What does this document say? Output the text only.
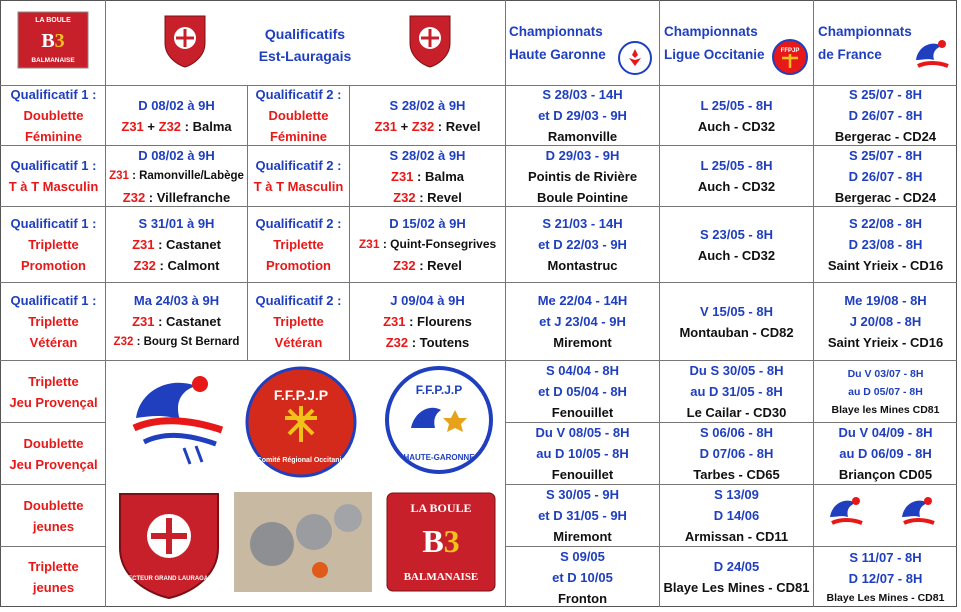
LA BOULE
B3
BALMANAISE
Qualificatifs
Est-Lauragais
Championnats
Haute Garonne
Championnats
Ligue Occitanie	FFPJP
Championnats
de France
Qualificatif 1 :
Doublette
Féminine
D 08/02 à 9H
Z31 + Z32 : Balma
Qualificatif 2 :
Doublette
Féminine
S 28/02 à 9H
Z31 + Z32 : Revel
S 28/03 - 14H
et D 29/03 - 9H
Ramonville
L 25/05 - 8H
Auch - CD32
S 25/07 - 8H
D 26/07 - 8H
Bergerac - CD24
Qualificatif 1 :
T à T Masculin
D 08/02 à 9H
Z31 : Ramonville/Labège
Z32 : Villefranche
Qualificatif 2 :
T à T Masculin
S 28/02 à 9H
Z31 : Balma
Z32 : Revel
D 29/03 - 9H
Pointis de Rivière
Boule Pointine
L 25/05 - 8H
Auch - CD32
S 25/07 - 8H
D 26/07 - 8H
Bergerac - CD24
Qualificatif 1 :
Triplette
Promotion
S 31/01 à 9H
Z31 : Castanet
Z32 : Calmont
Qualificatif 2 :
Triplette
Promotion
D 15/02 à 9H
Z31 : Quint-Fonsegrives
Z32 : Revel
S 21/03 - 14H
et D 22/03 - 9H
Montastruc
S 23/05 - 8H
Auch - CD32
S 22/08 - 8H
D 23/08 - 8H
Saint Yrieix - CD16
Qualificatif 1 :
Triplette
Vétéran
Ma 24/03 à 9H
Z31 : Castanet
Z32 : Bourg St Bernard
Qualificatif 2 :
Triplette
Vétéran
J 09/04 à 9H
Z31 : Flourens
Z32 : Toutens
Me 22/04 - 14H
et J 23/04 - 9H
Miremont
V 15/05 - 8H
Montauban - CD82
Me 19/08 - 8H
J 20/08 - 8H
Saint Yrieix - CD16
Triplette
Jeu Provençal
Doublette
Jeu Provençal
Doublette
jeunes
Triplette
jeunes
S 04/04 - 8H
et D 05/04 - 8H
Fenouillet
Du S 30/05 - 8H
au D 31/05 - 8H
Le Cailar - CD30
Du V 03/07 - 8H
au D 05/07 - 8H
Blaye les Mines CD81
Du V 08/05 - 8H
au D 10/05 - 8H
Fenouillet
S 06/06 - 8H
D 07/06 - 8H
Tarbes - CD65
Du V 04/09 - 8H
au D 06/09 - 8H
Briançon CD05
S 30/05 - 9H
et D 31/05 - 9H
Miremont
S 13/09
D 14/06
Armissan - CD11
S 09/05
et D 10/05
Fronton
D 24/05
Blaye Les Mines - CD81
S 11/07 - 8H
D 12/07 - 8H
Blaye Les Mines - CD81
F.F.P.J.P
Comité Régional Occitanie
F.F.P.J.P
HAUTE-GARONNE
SECTEUR GRAND LAURAGAIS
LA BOULE
B3
BALMANAISE
